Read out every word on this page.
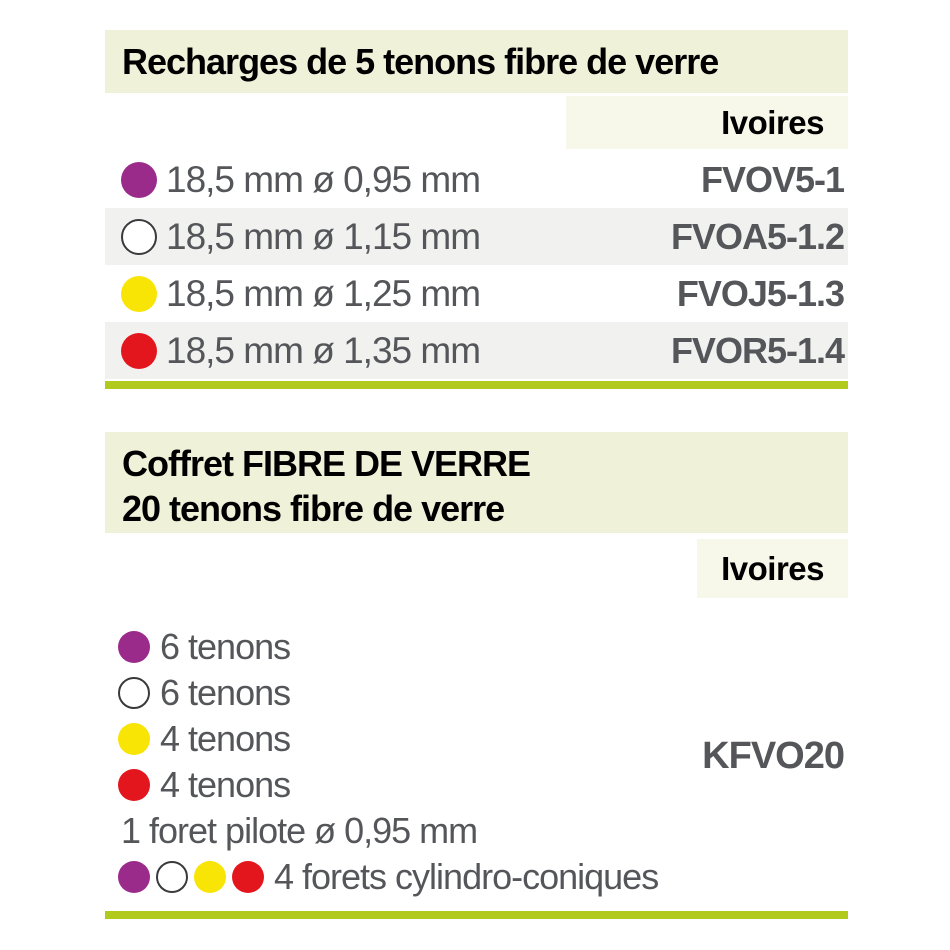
Recharges de 5 tenons fibre de verre
Ivoires
18,5 mm ø 0,95 mm	FVOV5-1
18,5 mm ø 1,15 mm	FVOA5-1.2
18,5 mm ø 1,25 mm	FVOJ5-1.3
18,5 mm ø 1,35 mm	FVOR5-1.4
Coffret FIBRE DE VERRE
20 tenons fibre de verre
Ivoires
6 tenons
6 tenons
4 tenons
4 tenons
1 foret pilote ø 0,95 mm
4 forets cylindro-coniques
KFVO20
